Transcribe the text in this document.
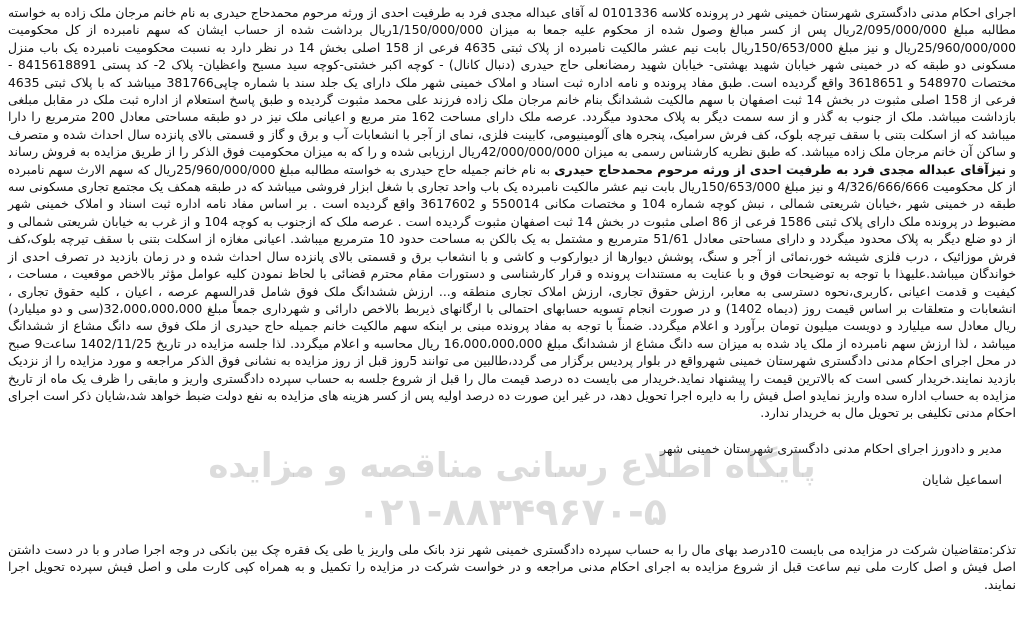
اجرای احکام مدنی دادگستری شهرستان خمینی شهر در پرونده کلاسه 0101336 له آقای عبداله مجدی فرد به طرفیت احدی از ورثه مرحوم محمدحاج حیدری به نام خانم مرجان ملک زاده به خواسته مطالبه مبلغ 2/095/000/000ریال پس از کسر مبالغ وصول شده از محکوم علیه جمعا به میزان 1/150/000/000ریال برداشت شده از حساب ایشان که سهم نامبرده از کل محکومیت 25/960/000/000ریال و نیز مبلغ 150/653/000ریال بابت نیم عشر مالکیت نامبرده از پلاک ثبتی 4635 فرعی از 158 اصلی بخش 14 در نظر دارد به نسبت محکومیت نامبرده یک باب منزل مسکونی دو طبقه که در خمینی شهر خیابان شهید بهشتی- خیابان شهید رمضانعلی حاج حیدری (دنبال کانال) - کوچه اکبر خشتی-کوچه سید مسیح واعظیان- پلاک 2- کد پستی 8415618891 - مختصات 548970 و 3618651 واقع گردیده است. طبق مفاد پرونده و نامه اداره ثبت اسناد و املاک خمینی شهر ملک دارای یک جلد سند با شماره چاپی381766 میباشد که با پلاک ثبتی 4635 فرعی از 158 اصلی مثبوت در بخش 14 ثبت اصفهان با سهم مالکیت ششدانگ بنام خانم مرجان ملک زاده فرزند علی محمد مثبوت گردیده و طبق پاسخ استعلام از اداره ثبت ملک در مقابل مبلغی بازداشت میباشد. ملک از جنوب به گذر و از سه سمت دیگر به پلاک محدود میگردد. عرصه ملک دارای مساحت 162 متر مربع و اعیانی ملک نیز در دو طبقه مساحتی معادل 200 مترمربع را دارا میباشد که از اسکلت بتنی با سقف تیرچه بلوک، کف فرش سرامیک، پنجره های آلومینیومی، کابینت فلزی، نمای از آجر با انشعابات آب و برق و گاز و قسمتی بالای پانزده سال احداث شده و متصرف و ساکن آن خانم مرجان ملک زاده میباشد. که طبق نظریه کارشناس رسمی به میزان 42/000/000/000ریال ارزیابی شده و را که به میزان محکومیت فوق الذکر را از طریق مزایده به فروش رساند و نیزآقای عبداله مجدی فرد به طرفیت احدی از ورثه مرحوم محمدحاج حیدری به نام خانم جمیله حاج حیدری به خواسته مطالبه مبلغ 25/960/000/000ریال که سهم الارث سهم نامبرده از کل محکومیت 4/326/666/666 و نیز مبلغ 150/653/000ریال بابت نیم عشر مالکیت نامبرده یک باب واحد تجاری با شغل ابزار فروشی میباشد که در طبقه همکف یک مجتمع تجاری مسکونی سه طبقه در خمینی شهر ،خیابان شریعتی شمالی ، نبش کوچه شماره 104 و مختصات مکانی 550014 و 3617602 واقع گردیده است . بر اساس مفاد نامه اداره ثبت اسناد و املاک خمینی شهر مضبوط در پرونده ملک دارای پلاک ثبتی 1586 فرعی از 86 اصلی مثبوت در بخش 14 ثبت اصفهان مثبوت گردیده است . عرصه ملک که ازجنوب به کوچه 104 و از غرب به خیابان شریعتی شمالی و از دو ضلع دیگر به پلاک محدود میگردد و دارای مساحتی معادل 51/61 مترمربع و مشتمل به یک بالکن به مساحت حدود 10 مترمربع میباشد. اعیانی مغازه از اسکلت بتنی با سقف تیرچه بلوک،کف فرش موزائیک ، درب فلزی شیشه خور،نمائی از آجر و سنگ، پوشش دیوارها از دیوارکوب و کاشی و با انشعاب برق و قسمتی بالای پانزده سال احداث شده و در زمان بازدید در تصرف احدی از خواندگان میباشد.علیهذا با توجه به توضیحات فوق و با عنایت به مستندات پرونده و قرار کارشناسی و دستورات مقام محترم قضائی با لحاظ نمودن کلیه عوامل مؤثر بالاخص موقعیت ، مساحت ، کیفیت و قدمت اعیانی ،کاربری،نحوه دسترسی به معابر، ارزش حقوق تجاری، ارزش املاک تجاری منطقه و... ارزش ششدانگ ملک فوق شامل قدرالسهم عرصه ، اعیان ، کلیه حقوق تجاری ، انشعابات و متعلقات بر اساس قیمت روز (دیماه 1402) و در صورت انجام تسویه حسابهای احتمالی با ارگانهای ذیربط بالاخص دارائی و شهرداری جمعاً مبلغ 32،000،000،000(سی و دو میلیارد) ریال معادل سه میلیارد و دویست میلیون تومان برآورد و اعلام میگردد. ضمناً با توجه به مفاد پرونده مبنی بر اینکه سهم مالکیت خانم جمیله حاج حیدری از ملک فوق سه دانگ مشاع از ششدانگ میباشد ، لذا ارزش سهم نامبرده از ملک یاد شده به میزان سه دانگ مشاع از ششدانگ مبلغ 16،000،000،000 ریال محاسبه و اعلام میگردد. لذا جلسه مزایده در تاریخ 1402/11/25 ساعت9 صبح در محل اجرای احکام مدنی دادگستری شهرستان خمینی شهرواقع در بلوار پردیس برگزار می گردد،طالبین می توانند 5روز قبل از روز مزایده به نشانی فوق الذکر مراجعه و مورد مزایده را از نزدیک بازدید نمایند.خریدار کسی است که بالاترین قیمت را پیشنهاد نماید.خریدار می بایست ده درصد قیمت مال را قبل از شروع جلسه به حساب سپرده دادگستری واریز و مابقی را ظرف یک ماه از تاریخ مزایده به حساب اداره سده واریز نمایدو اصل فیش را به دایره اجرا تحویل دهد، در غیر این صورت ده درصد اولیه پس از کسر هزینه های مزایده به نفع دولت ضبط خواهد شد،شایان ذکر است اجرای احکام مدنی تکلیفی بر تحویل مال به خریدار ندارد.

مدیر و دادورز اجرای احکام مدنی دادگستری شهرستان خمینی شهر

اسماعیل شایان

تذکر:متقاضیان شرکت در مزایده می بایست 10درصد بهای مال را به حساب سپرده دادگستری خمینی شهر نزد بانک ملی واریز یا طی یک فقره چک بین بانکی در وجه اجرا صادر و با در دست داشتن اصل فیش و اصل کارت ملی نیم ساعت قبل از شروع مزایده به اجرای احکام مدنی مراجعه و در خواست شرکت در مزایده را تکمیل و به همراه کپی کارت ملی و اصل فیش سپرده تحویل اجرا نمایند.

پایگاه اطلاع رسانی مناقصه و مزایده
۰۲۱-۸۸۳۴۹۶۷۰-۵
